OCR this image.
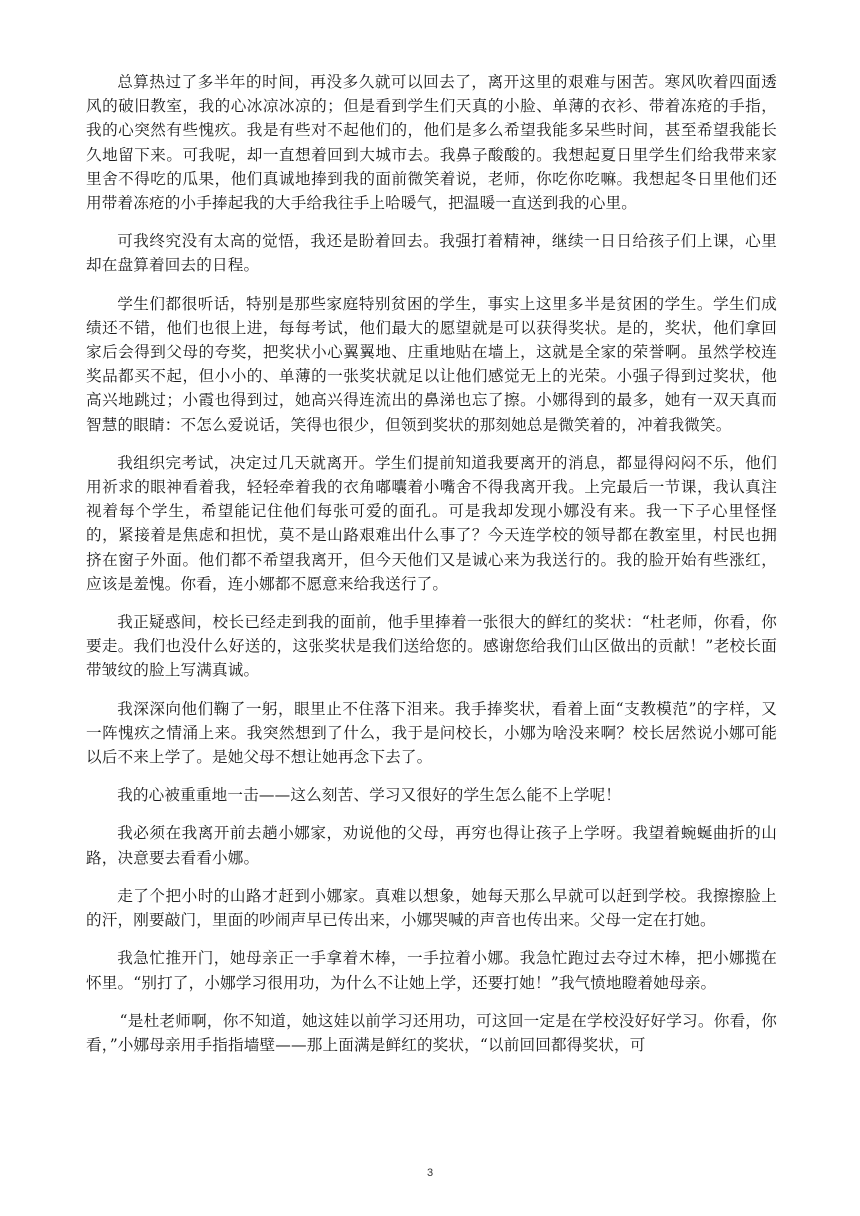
总算热过了多半年的时间，再没多久就可以回去了，离开这里的艰难与困苦。寒风吹着四面透风的破旧教室，我的心冰凉冰凉的；但是看到学生们天真的小脸、单薄的衣衫、带着冻疮的手指，我的心突然有些愧疚。我是有些对不起他们的，他们是多么希望我能多呆些时间，甚至希望我能长久地留下来。可我呢，却一直想着回到大城市去。我鼻子酸酸的。我想起夏日里学生们给我带来家里舍不得吃的瓜果，他们真诚地捧到我的面前微笑着说，老师，你吃你吃嘛。我想起冬日里他们还用带着冻疮的小手捧起我的大手给我往手上哈暖气，把温暖一直送到我的心里。

可我终究没有太高的觉悟，我还是盼着回去。我强打着精神，继续一日日给孩子们上课，心里却在盘算着回去的日程。

学生们都很听话，特别是那些家庭特别贫困的学生，事实上这里多半是贫困的学生。学生们成绩还不错，他们也很上进，每每考试，他们最大的愿望就是可以获得奖状。是的，奖状，他们拿回家后会得到父母的夸奖，把奖状小心翼翼地、庄重地贴在墙上，这就是全家的荣誉啊。虽然学校连奖品都买不起，但小小的、单薄的一张奖状就足以让他们感觉无上的光荣。小强子得到过奖状，他高兴地跳过；小霞也得到过，她高兴得连流出的鼻涕也忘了擦。小娜得到的最多，她有一双天真而智慧的眼睛：不怎么爱说话，笑得也很少，但领到奖状的那刻她总是微笑着的，冲着我微笑。

我组织完考试，决定过几天就离开。学生们提前知道我要离开的消息，都显得闷闷不乐，他们用祈求的眼神看着我，轻轻牵着我的衣角嘟囔着小嘴舍不得我离开我。上完最后一节课，我认真注视着每个学生，希望能记住他们每张可爱的面孔。可是我却发现小娜没有来。我一下子心里怪怪的，紧接着是焦虑和担忧，莫不是山路艰难出什么事了？今天连学校的领导都在教室里，村民也拥挤在窗子外面。他们都不希望我离开，但今天他们又是诚心来为我送行的。我的脸开始有些涨红，应该是羞愧。你看，连小娜都不愿意来给我送行了。

我正疑惑间，校长已经走到我的面前，他手里捧着一张很大的鲜红的奖状：“杜老师，你看，你要走。我们也没什么好送的，这张奖状是我们送给您的。感谢您给我们山区做出的贡献！”老校长面带皱纹的脸上写满真诚。

我深深向他们鞠了一躬，眼里止不住落下泪来。我手捧奖状，看着上面“支教模范”的字样，又一阵愧疚之情涌上来。我突然想到了什么，我于是问校长，小娜为啥没来啊？校长居然说小娜可能以后不来上学了。是她父母不想让她再念下去了。

我的心被重重地一击——这么刻苦、学习又很好的学生怎么能不上学呢！

我必须在我离开前去趟小娜家，劝说他的父母，再穷也得让孩子上学呀。我望着蜿蜒曲折的山路，决意要去看看小娜。

走了个把小时的山路才赶到小娜家。真难以想象，她每天那么早就可以赶到学校。我擦擦脸上的汗，刚要敲门，里面的吵闹声早已传出来，小娜哭喊的声音也传出来。父母一定在打她。

我急忙推开门，她母亲正一手拿着木棒，一手拉着小娜。我急忙跑过去夺过木棒，把小娜揽在怀里。“别打了，小娜学习很用功，为什么不让她上学，还要打她！”我气愤地瞪着她母亲。

“是杜老师啊，你不知道，她这娃以前学习还用功，可这回一定是在学校没好好学习。你看，你看，”小娜母亲用手指指墙壁——那上面满是鲜红的奖状，“以前回回都得奖状，可

3
